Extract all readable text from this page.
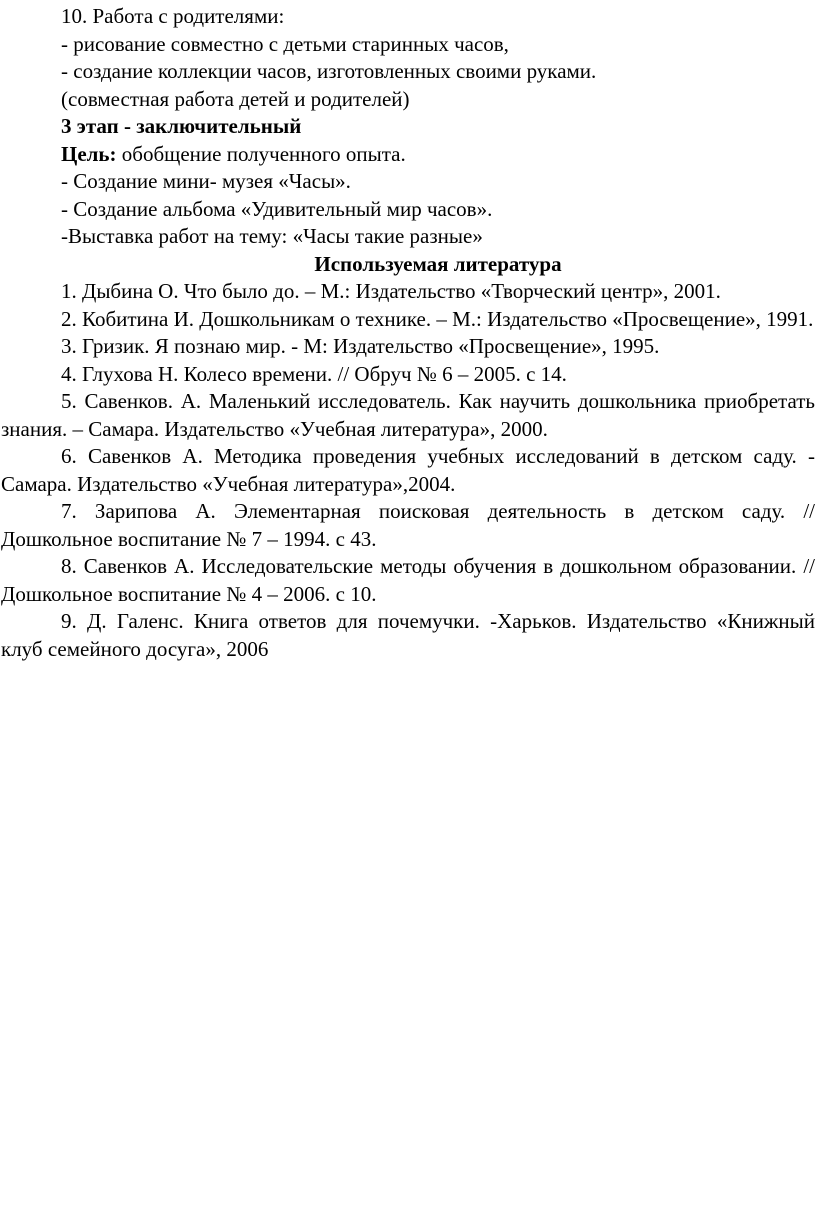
10. Работа с родителями:

- рисование совместно с детьми старинных часов,

- создание коллекции часов, изготовленных своими руками.

(совместная работа детей и родителей)

3 этап - заключительный

Цель: обобщение полученного опыта.

- Создание мини- музея «Часы».

- Создание альбома «Удивительный мир часов».

-Выставка работ на тему: «Часы такие разные»

Используемая литература

1. Дыбина О. Что было до. – М.: Издательство «Творческий центр», 2001.

2. Кобитина И. Дошкольникам о технике. – М.: Издательство «Просвещение», 1991.

3. Гризик. Я познаю мир. - М: Издательство «Просвещение», 1995.

4. Глухова Н. Колесо времени. // Обруч № 6 – 2005. с 14.

5. Савенков. А. Маленький исследователь. Как научить дошкольника приобретать знания. – Самара. Издательство «Учебная литература», 2000.

6. Савенков А. Методика проведения учебных исследований в детском саду. - Самара. Издательство «Учебная литература»,2004.

7. Зарипова А. Элементарная поисковая деятельность в детском саду. // Дошкольное воспитание № 7 – 1994. с 43.

8. Савенков А. Исследовательские методы обучения в дошкольном образовании. // Дошкольное воспитание № 4 – 2006. с 10.

9. Д. Галенс. Книга ответов для почемучки. -Харьков. Издательство «Книжный клуб семейного досуга», 2006
